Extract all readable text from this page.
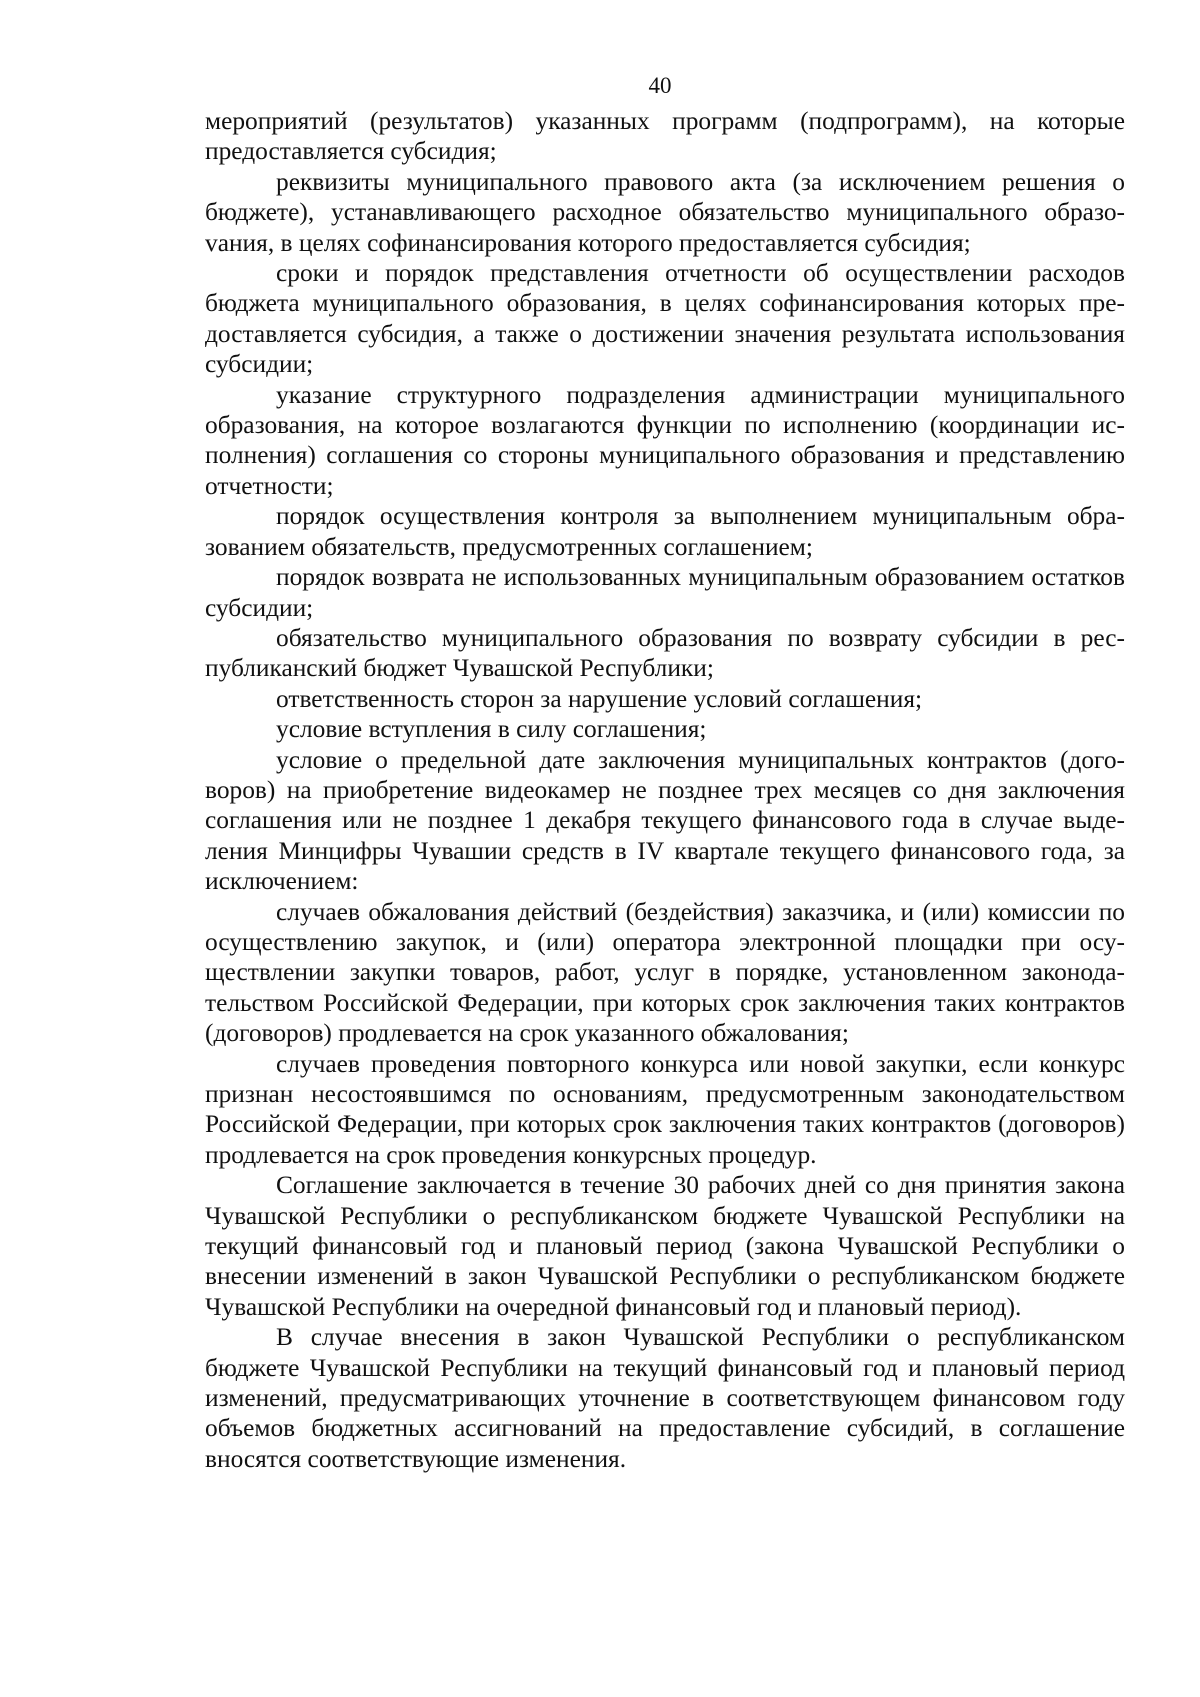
40

мероприятий (результатов) указанных программ (подпрограмм), на которые предоставляется субсидия;

реквизиты муниципального правового акта (за исключением решения о бюджете), устанавливающего расходное обязательство муниципального образоvания, в целях софинансирования которого предоставляется субсидия;

сроки и порядок представления отчетности об осуществлении расходов бюджета муниципального образования, в целях софинансирования которых предоставляется субсидия, а также о достижении значения результата использования субсидии;

указание структурного подразделения администрации муниципального образования, на которое возлагаются функции по исполнению (координации исполнения) соглашения со стороны муниципального образования и представлению отчетности;

порядок осуществления контроля за выполнением муниципальным образованием обязательств, предусмотренных соглашением;

порядок возврата не использованных муниципальным образованием остатков субсидии;

обязательство муниципального образования по возврату субсидии в республиканский бюджет Чувашской Республики;

ответственность сторон за нарушение условий соглашения;

условие вступления в силу соглашения;

условие о предельной дате заключения муниципальных контрактов (договоров) на приобретение видеокамер не позднее трех месяцев со дня заключения соглашения или не позднее 1 декабря текущего финансового года в случае выделения Минцифры Чувашии средств в IV квартале текущего финансового года, за исключением:

случаев обжалования действий (бездействия) заказчика, и (или) комиссии по осуществлению закупок, и (или) оператора электронной площадки при осуществлении закупки товаров, работ, услуг в порядке, установленном законодательством Российской Федерации, при которых срок заключения таких контрактов (договоров) продлевается на срок указанного обжалования;

случаев проведения повторного конкурса или новой закупки, если конкурс признан несостоявшимся по основаниям, предусмотренным законодательством Российской Федерации, при которых срок заключения таких контрактов (договоров) продлевается на срок проведения конкурсных процедур.

Соглашение заключается в течение 30 рабочих дней со дня принятия закона Чувашской Республики о республиканском бюджете Чувашской Республики на текущий финансовый год и плановый период (закона Чувашской Республики о внесении изменений в закон Чувашской Республики о республиканском бюджете Чувашской Республики на очередной финансовый год и плановый период).

В случае внесения в закон Чувашской Республики о республиканском бюджете Чувашской Республики на текущий финансовый год и плановый период изменений, предусматривающих уточнение в соответствующем финансовом году объемов бюджетных ассигнований на предоставление субсидий, в соглашение вносятся соответствующие изменения.
